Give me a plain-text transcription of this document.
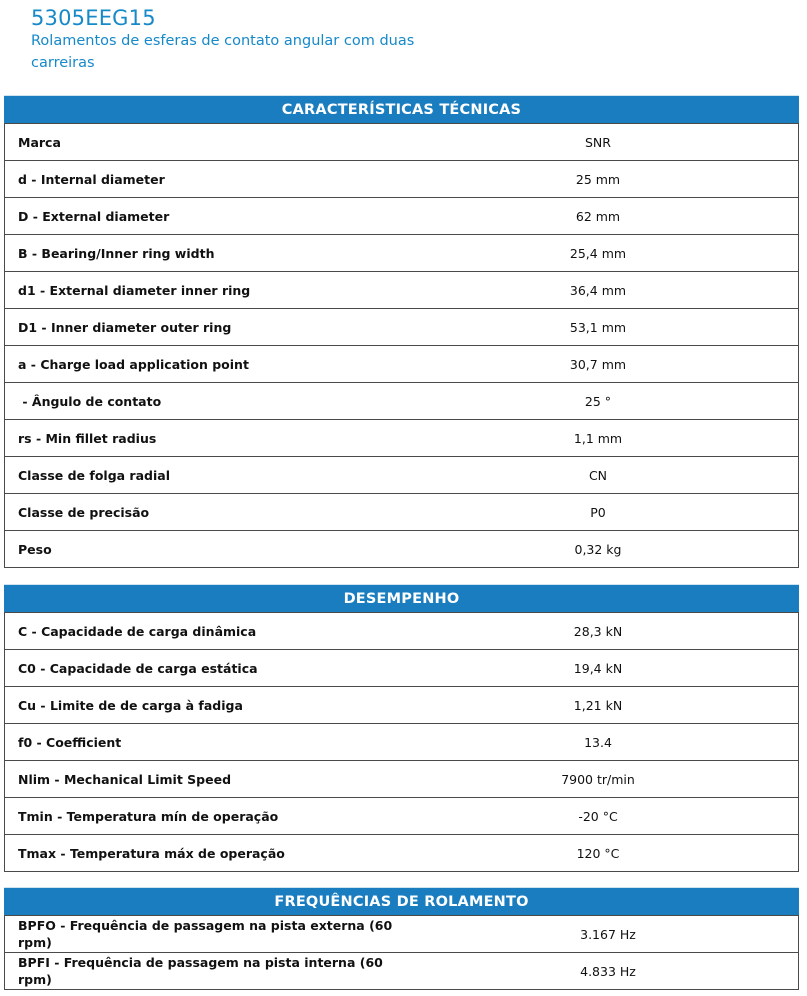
5305EEG15
Rolamentos de esferas de contato angular com duas carreiras
CARACTERÍSTICAS TÉCNICAS
Marca	SNR
d - Internal diameter	25 mm
D - External diameter	62 mm
B - Bearing/Inner ring width	25,4 mm
d1 - External diameter inner ring	36,4 mm
D1 - Inner diameter outer ring	53,1 mm
a - Charge load application point	30,7 mm
- Ângulo de contato	25 °
rs - Min fillet radius	1,1 mm
Classe de folga radial	CN
Classe de precisão	P0
Peso	0,32 kg
DESEMPENHO
C - Capacidade de carga dinâmica	28,3 kN
C0 - Capacidade de carga estática	19,4 kN
Cu - Limite de de carga à fadiga	1,21 kN
f0 - Coefficient	13.4
Nlim - Mechanical Limit Speed	7900 tr/min
Tmin - Temperatura mín de operação	-20 °C
Tmax - Temperatura máx de operação	120 °C
FREQUÊNCIAS DE ROLAMENTO
BPFO - Frequência de passagem na pista externa (60 rpm)	3.167 Hz
BPFI - Frequência de passagem na pista interna (60 rpm)	4.833 Hz
